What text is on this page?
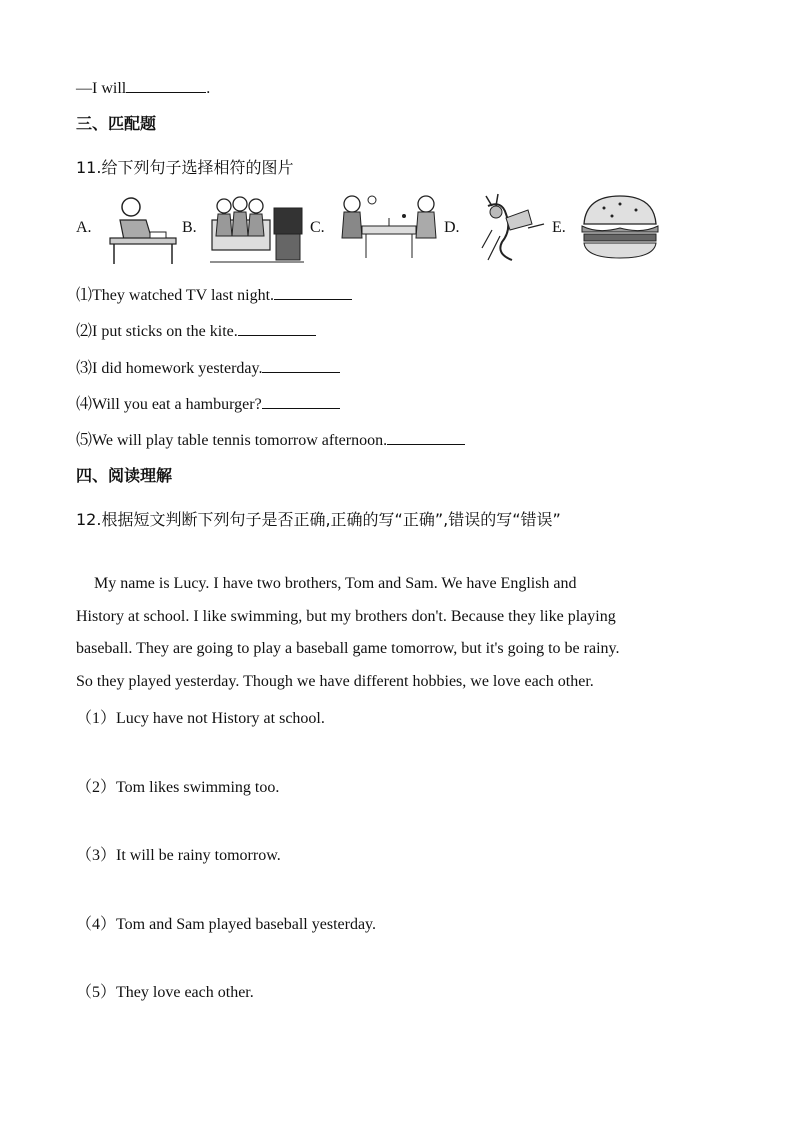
—I will	.
三、匹配题
11.给下列句子选择相符的图片
A.	B.	C.	D.	E.
⑴They watched TV last night.
⑵I put sticks on the kite.
⑶I did homework yesterday.
⑷Will you eat a hamburger?
⑸We will play table tennis tomorrow afternoon.
四、阅读理解
12.根据短文判断下列句子是否正确,正确的写“正确”,错误的写“错误”
My name is Lucy. I have two brothers, Tom and Sam. We have English and
History at school. I like swimming, but my brothers don't. Because they like playing
baseball. They are going to play a baseball game tomorrow, but it's going to be rainy.
So they played yesterday. Though we have different hobbies, we love each other.
（1）Lucy have not History at school.
（2）Tom likes swimming too.
（3）It will be rainy tomorrow.
（4）Tom and Sam played baseball yesterday.
（5）They love each other.
